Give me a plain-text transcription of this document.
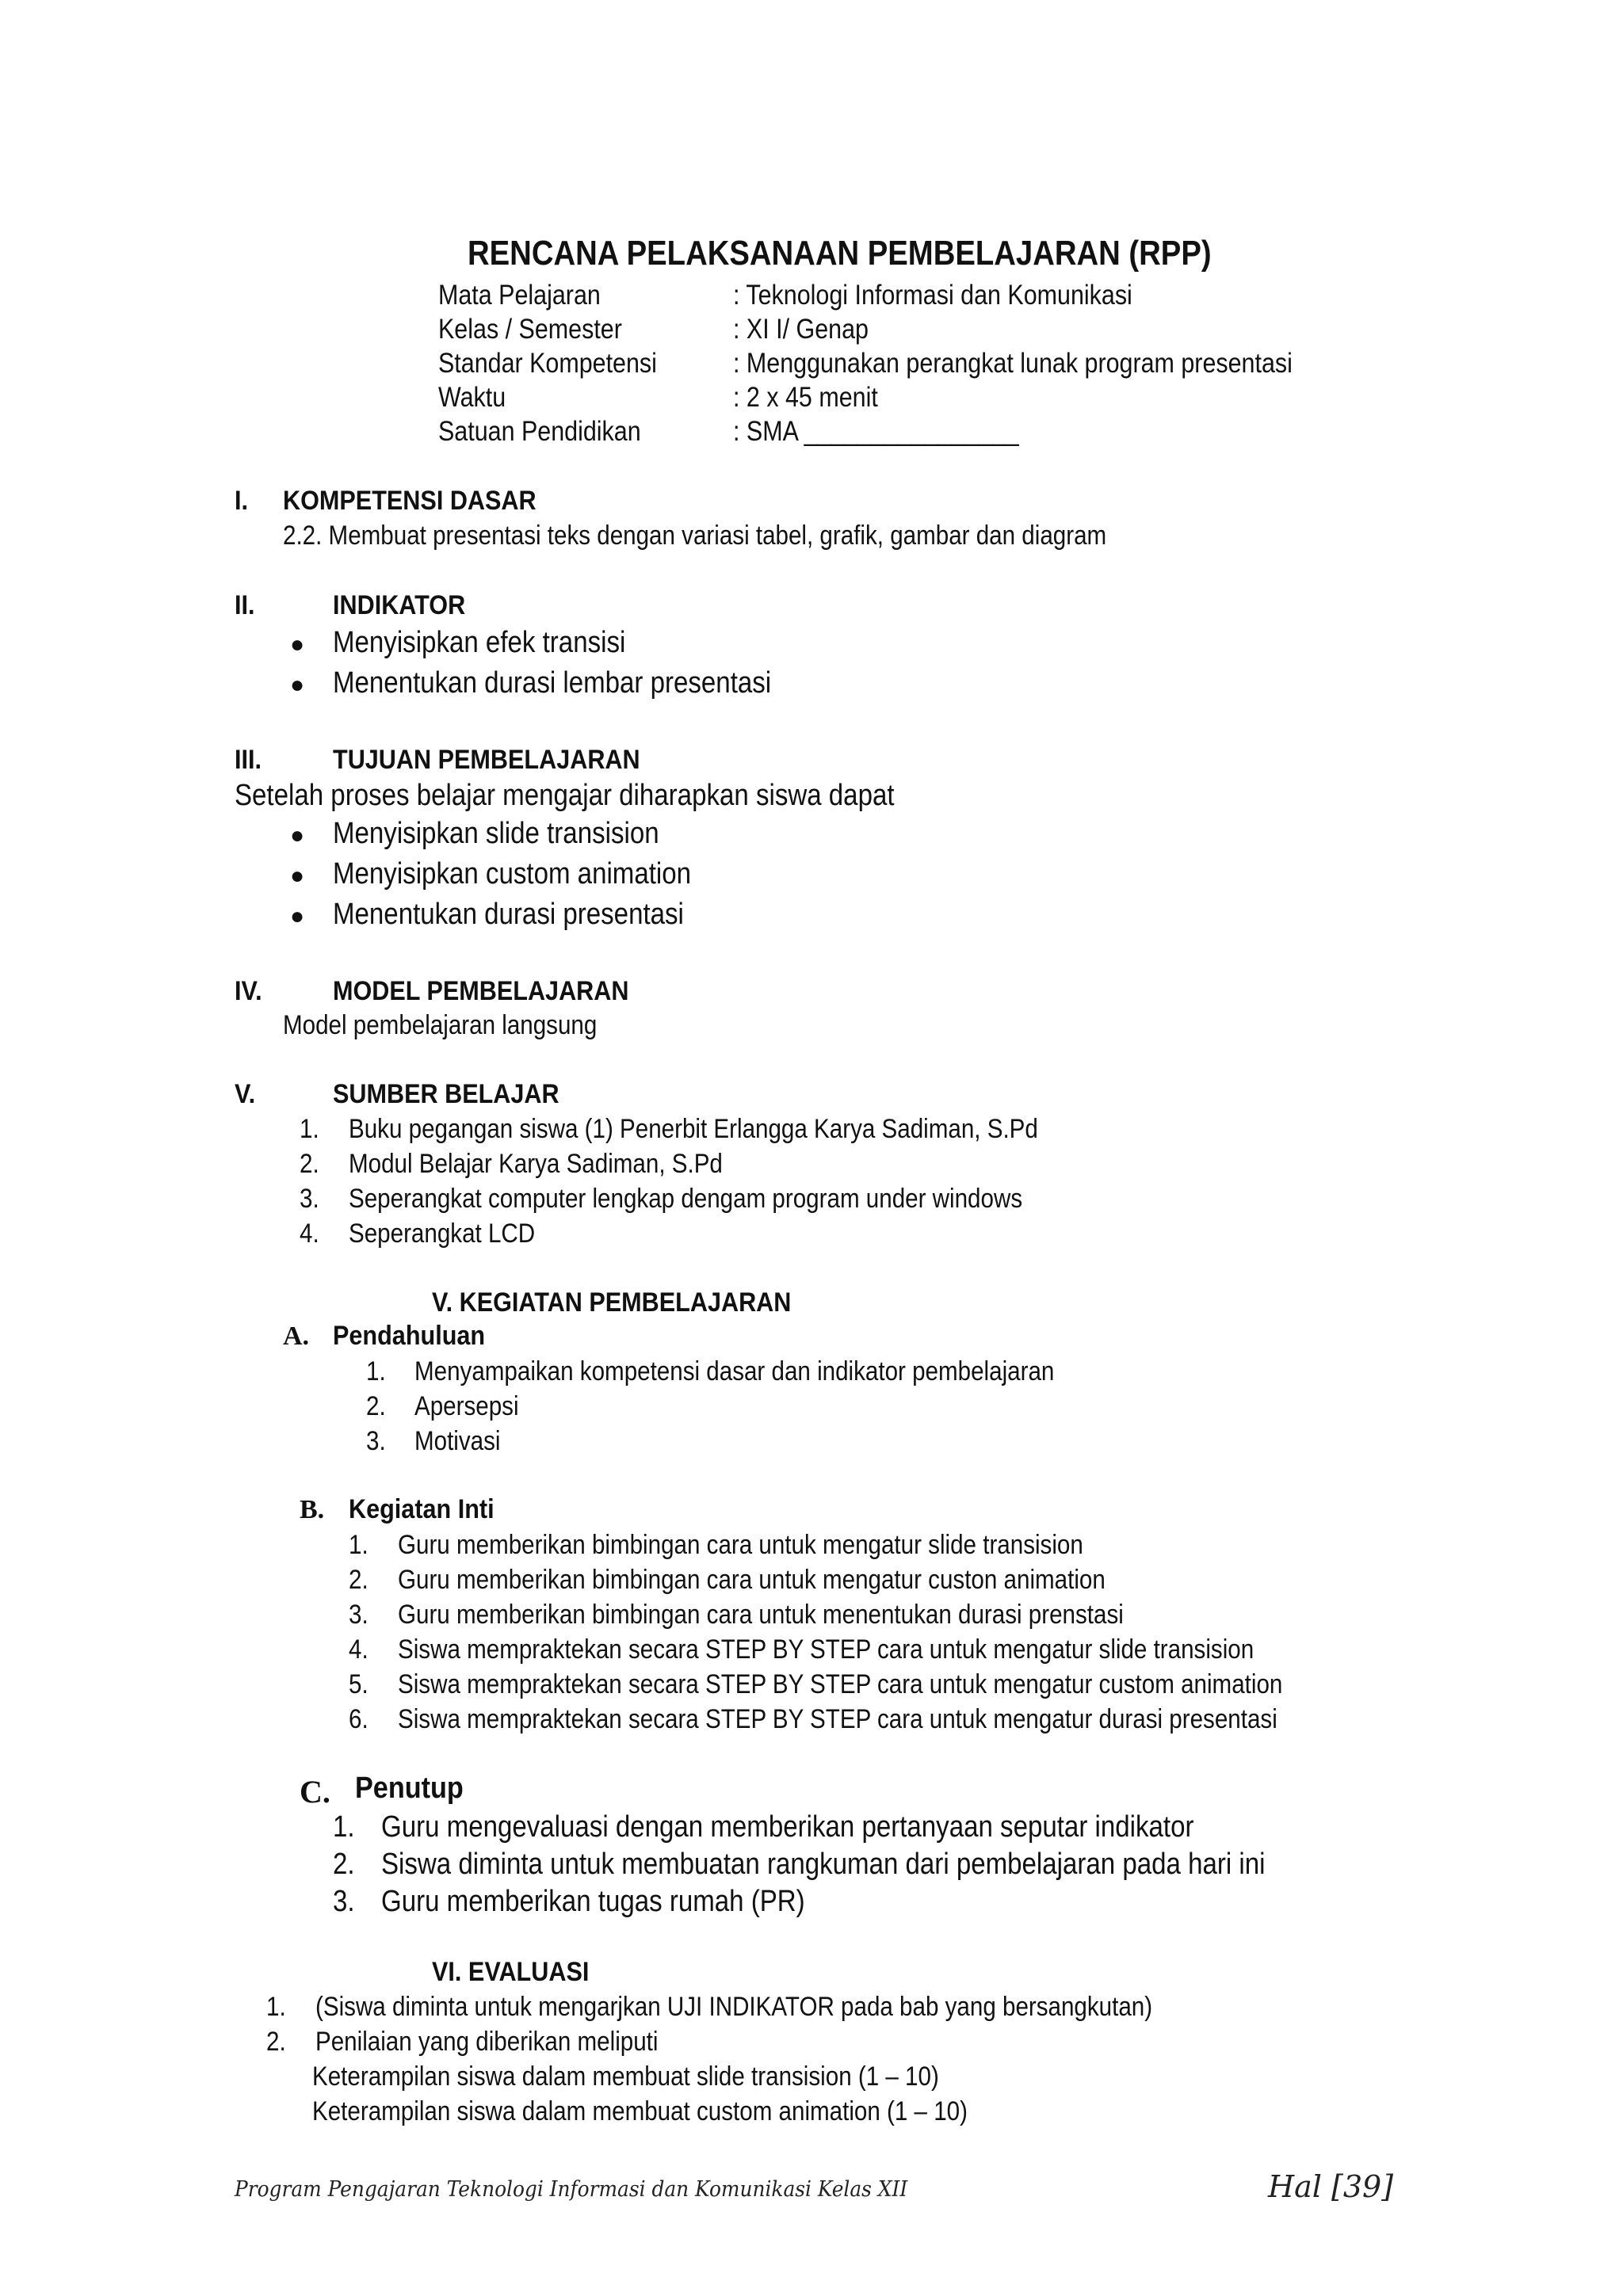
RENCANA PELAKSANAAN PEMBELAJARAN (RPP)
Mata Pelajaran	: Teknologi Informasi dan Komunikasi
Kelas / Semester	: XI I/ Genap
Standar Kompetensi	: Menggunakan perangkat lunak program presentasi
Waktu	: 2 x 45 menit
Satuan Pendidikan	: SMA ________________
I. KOMPETENSI DASAR
2.2. Membuat presentasi teks dengan variasi tabel, grafik, gambar dan diagram
II.	INDIKATOR
● Menyisipkan efek transisi
● Menentukan durasi lembar presentasi
III.	TUJUAN PEMBELAJARAN
Setelah proses belajar mengajar diharapkan siswa dapat
● Menyisipkan slide transision
● Menyisipkan custom animation
● Menentukan durasi presentasi
IV.	MODEL PEMBELAJARAN
Model pembelajaran langsung
V.	SUMBER BELAJAR
1. Buku pegangan siswa (1) Penerbit Erlangga Karya Sadiman, S.Pd
2. Modul Belajar Karya Sadiman, S.Pd
3. Seperangkat computer lengkap dengam program under windows
4. Seperangkat LCD
V. KEGIATAN PEMBELAJARAN
A. Pendahuluan
1. Menyampaikan kompetensi dasar dan indikator pembelajaran
2. Apersepsi
3. Motivasi
B. Kegiatan Inti
1. Guru memberikan bimbingan cara untuk mengatur slide transision
2. Guru memberikan bimbingan cara untuk mengatur custon animation
3. Guru memberikan bimbingan cara untuk menentukan durasi prenstasi
4. Siswa mempraktekan secara STEP BY STEP cara untuk mengatur slide transision
5. Siswa mempraktekan secara STEP BY STEP cara untuk mengatur custom animation
6. Siswa mempraktekan secara STEP BY STEP cara untuk mengatur durasi presentasi
C. Penutup
1. Guru mengevaluasi dengan memberikan pertanyaan seputar indikator
2. Siswa diminta untuk membuatan rangkuman dari pembelajaran pada hari ini
3. Guru memberikan tugas rumah (PR)
VI. EVALUASI
1. (Siswa diminta untuk mengarjkan UJI INDIKATOR pada bab yang bersangkutan)
2. Penilaian yang diberikan meliputi
Keterampilan siswa dalam membuat slide transision (1 – 10)
Keterampilan siswa dalam membuat custom animation (1 – 10)
Program Pengajaran Teknologi Informasi dan Komunikasi Kelas XII	Hal [39]
